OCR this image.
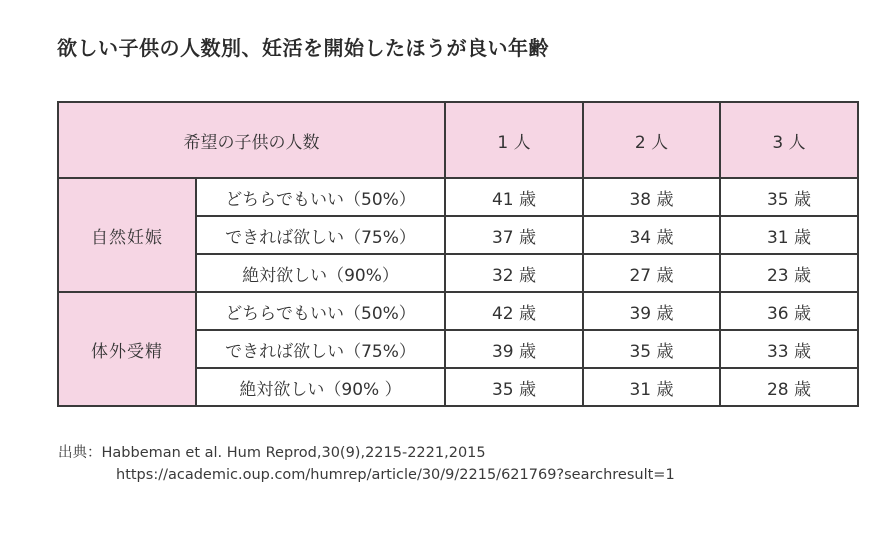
欲しい子供の人数別、妊活を開始したほうが良い年齢
希望の子供の人数		1 人	2 人	3 人
自然妊娠	どちらでもいい（50%）	41 歳	38 歳	35 歳
	できれば欲しい（75%）	37 歳	34 歳	31 歳
	絶対欲しい（90%）	32 歳	27 歳	23 歳
体外受精	どちらでもいい（50%）	42 歳	39 歳	36 歳
	できれば欲しい（75%）	39 歳	35 歳	33 歳
	絶対欲しい（90% ）	35 歳	31 歳	28 歳
出典：Habbeman et al. Hum Reprod,30(9),2215-2221,2015
https://academic.oup.com/humrep/article/30/9/2215/621769?searchresult=1
